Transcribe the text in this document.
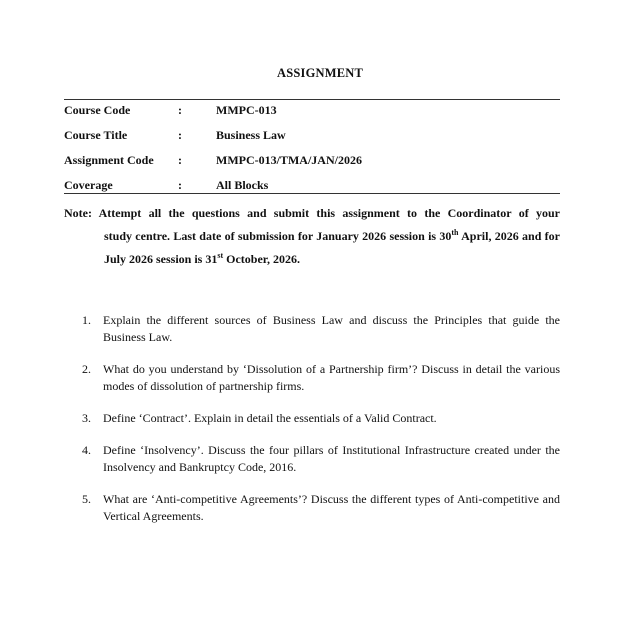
ASSIGNMENT
Course Code	:	MMPC-013
Course Title	:	Business Law
Assignment Code :	MMPC-013/TMA/JAN/2026
Coverage	:	All Blocks
Note: Attempt all the questions and submit this assignment to the Coordinator of your
study centre. Last date of submission for January 2026 session is 30th April, 2026 and for July 2026 session is 31st October, 2026.
1. Explain the different sources of Business Law and discuss the Principles that guide the Business Law.
2. What do you understand by ‘Dissolution of a Partnership firm’? Discuss in detail the various modes of dissolution of partnership firms.
3. Define ‘Contract’. Explain in detail the essentials of a Valid Contract.
4. Define ‘Insolvency’. Discuss the four pillars of Institutional Infrastructure created under the Insolvency and Bankruptcy Code, 2016.
5. What are ‘Anti-competitive Agreements’? Discuss the different types of Anti-competitive and Vertical Agreements.
